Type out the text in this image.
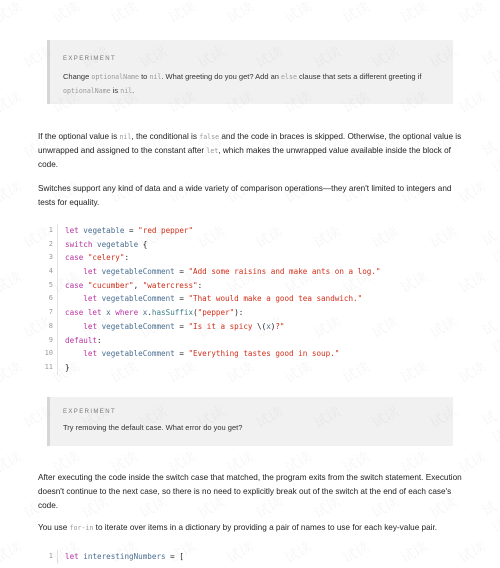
EXPERIMENT
Change optionalName to nil. What greeting do you get? Add an else clause that sets a different greeting if optionalName is nil.
If the optional value is nil, the conditional is false and the code in braces is skipped. Otherwise, the optional value is unwrapped and assigned to the constant after let, which makes the unwrapped value available inside the block of code.
Switches support any kind of data and a wide variety of comparison operations—they aren't limited to integers and tests for equality.
1 let vegetable = "red pepper"
2 switch vegetable {
3 case "celery":
4	let vegetableComment = "Add some raisins and make ants on a log."
5 case "cucumber", "watercress":
6	let vegetableComment = "That would make a good tea sandwich."
7 case let x where x.hasSuffix("pepper"):
8	let vegetableComment = "Is it a spicy \(x)?"
9 default:
10	let vegetableComment = "Everything tastes good in soup."
11 }
EXPERIMENT
Try removing the default case. What error do you get?
After executing the code inside the switch case that matched, the program exits from the switch statement. Execution doesn't continue to the next case, so there is no need to explicitly break out of the switch at the end of each case's code.
You use for-in to iterate over items in a dictionary by providing a pair of names to use for each key-value pair.
1 let interestingNumbers = [
